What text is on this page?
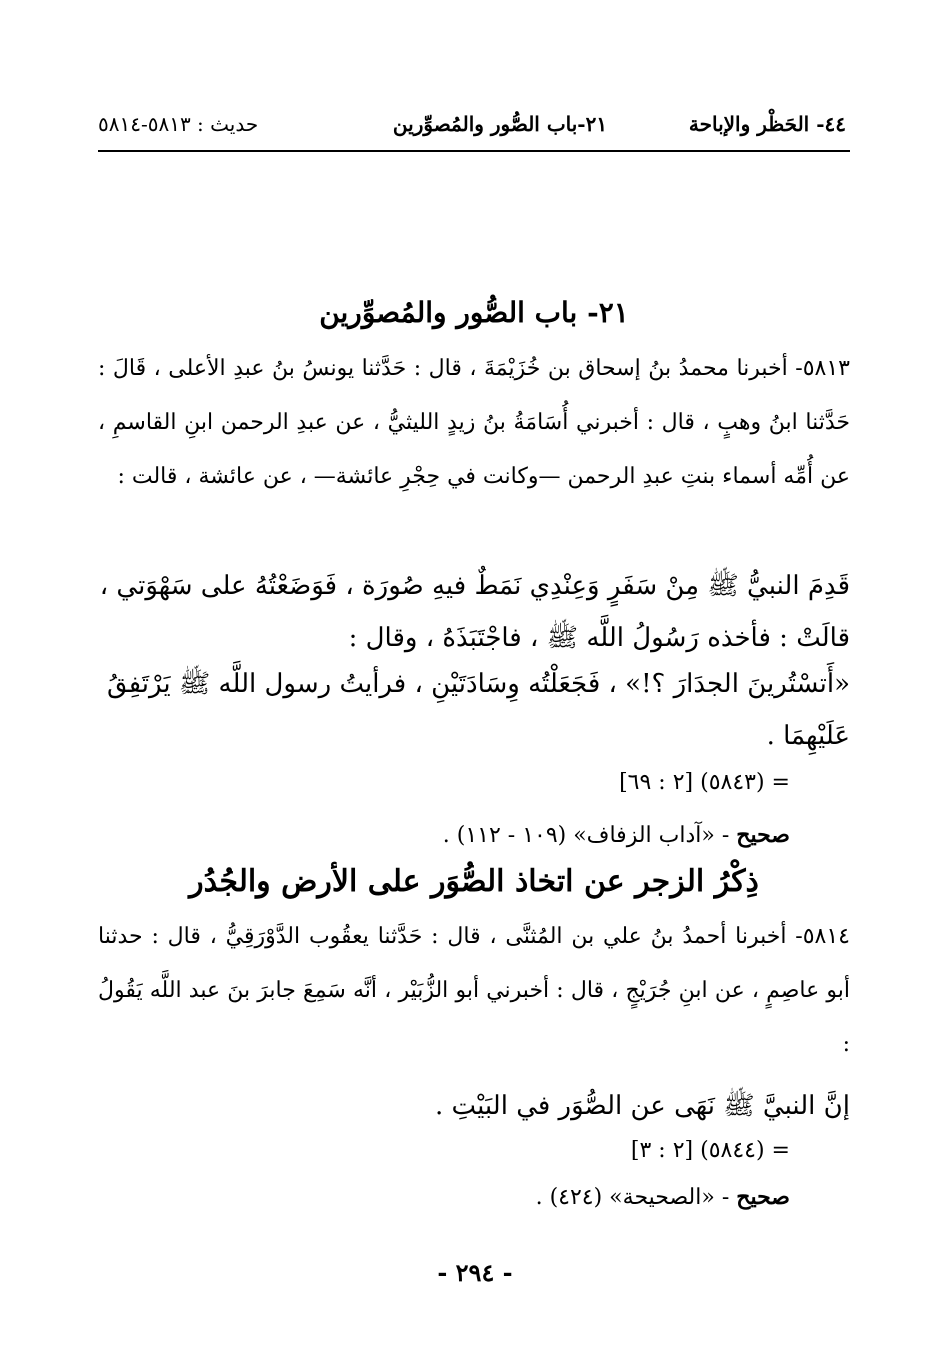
٤٤- الحَظْر والإباحة
٢١-باب الصُّور والمُصوِّرين
حديث : ٥٨١٣-٥٨١٤
٢١- باب الصُّور والمُصوِّرين
٥٨١٣- أخبرنا محمدُ بنُ إسحاق بن خُزَيْمَةَ ، قال : حَدَّثنا يونسُ بنُ عبدِ الأعلى ، قَالَ : حَدَّثنا ابنُ وهبٍ ، قال : أخبرني أُسَامَةُ بنُ زيدٍ الليثيُّ ، عن عبدِ الرحمن ابنِ القاسمِ ، عن أُمِّه أسماء بنتِ عبدِ الرحمن —وكانت في حِجْرِ عائشة— ، عن عائشة ، قالت :
قَدِمَ النبيُّ ﷺ مِنْ سَفَرٍ وَعِنْدِي نَمَطٌ فيهِ صُورَة ، فَوَضَعْتُهُ على سَهْوَتي ، قالَتْ : فأخذه رَسُولُ اللَّه ﷺ ، فاجْتَبَذَهُ ، وقال :
«أَتسْتُرينَ الجدَارَ ؟!» ، فَجَعَلْتُه وِسَادَتَيْنِ ، فرأيتُ رسول اللَّه ﷺ يَرْتَفِقُ عَلَيْهِمَا .
= (٥٨٤٣) [٢ : ٦٩]
صحيح - «آداب الزفاف» (١٠٩ - ١١٢) .
ذِكْرُ الزجر عن اتخاذ الصُّوَر على الأرض والجُدُر
٥٨١٤- أخبرنا أحمدُ بنُ علي بن المُثنَّى ، قال : حَدَّثنا يعقُوب الدَّوْرَقِيُّ ، قال : حدثنا أبو عاصِمٍ ، عن ابنِ جُرَيْجٍ ، قال : أخبرني أبو الزُّبَيْر ، أنَّه سَمِعَ جابرَ بنَ عبد اللَّه يَقُولُ :
إنَّ النبيَّ ﷺ نَهَى عن الصُّوَر في البَيْتِ .
= (٥٨٤٤) [٢ : ٣]
صحيح - «الصحيحة» (٤٢٤) .
- ٢٩٤ -
